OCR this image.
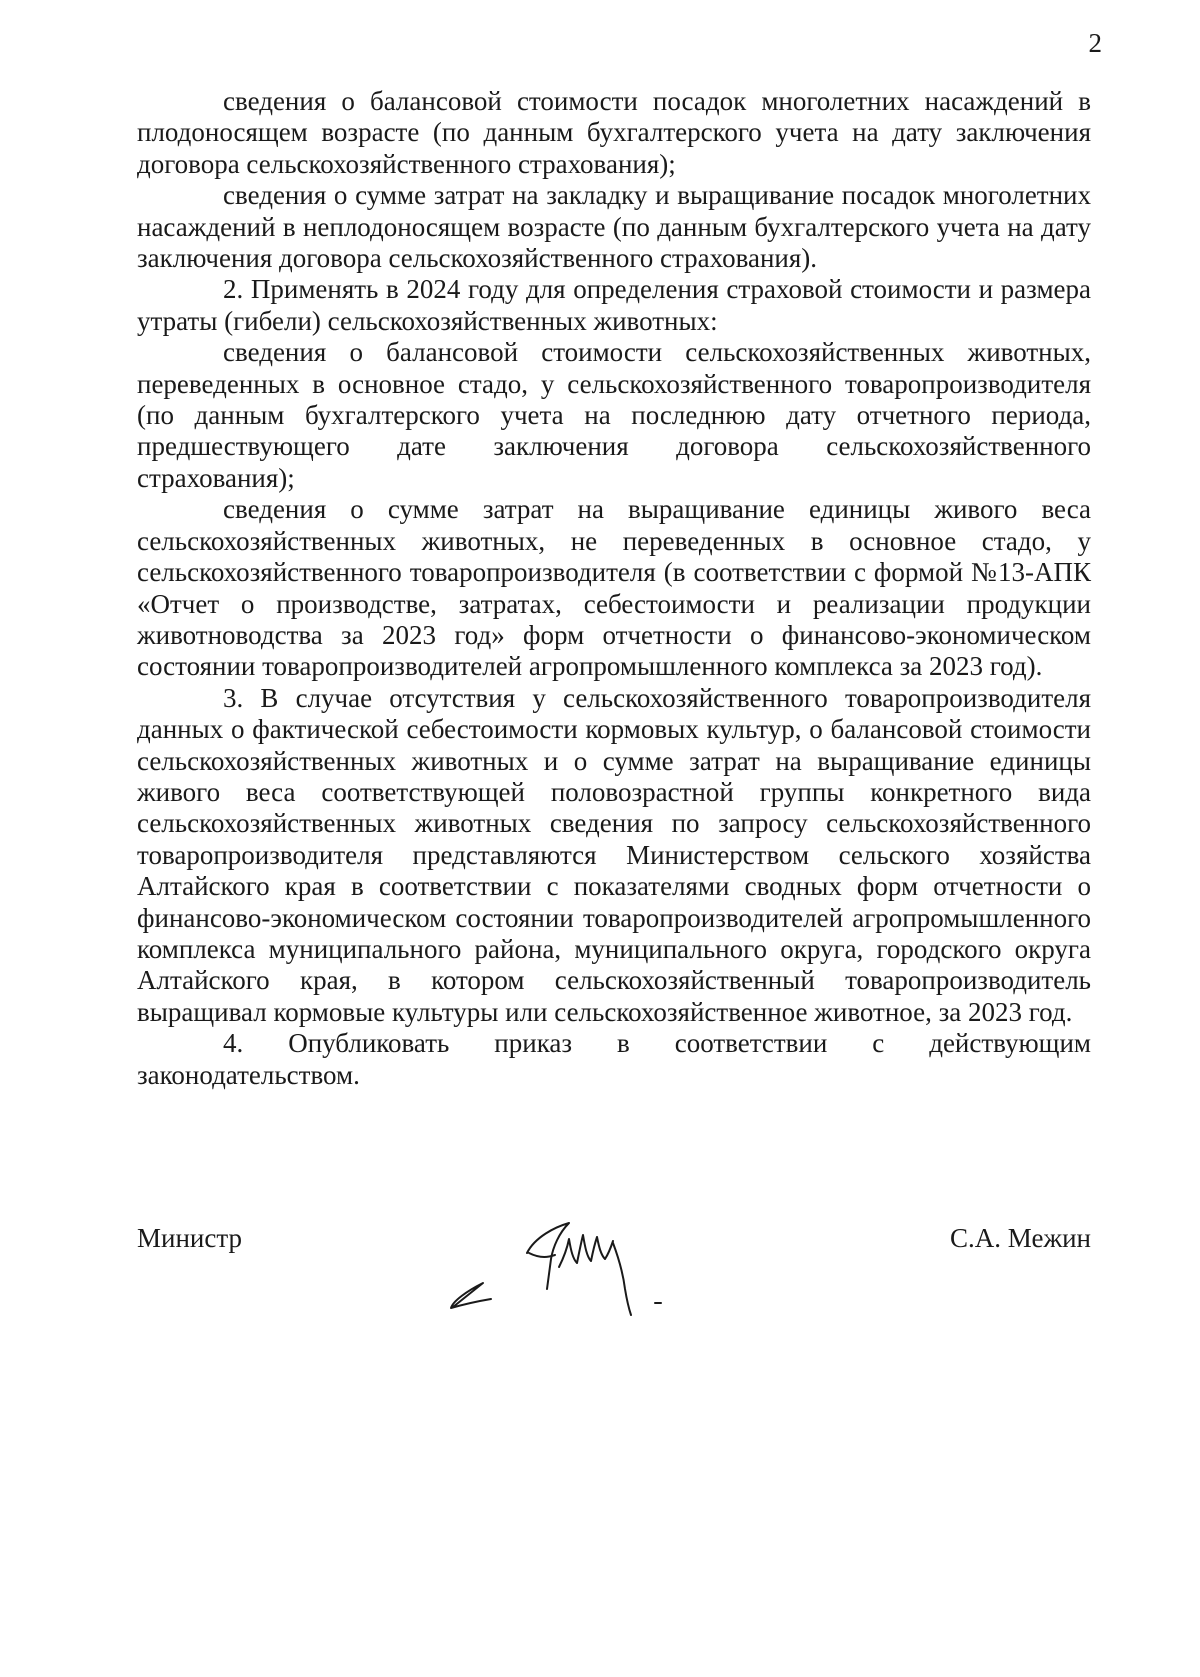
2

сведения о балансовой стоимости посадок многолетних насаждений в плодоносящем возрасте (по данным бухгалтерского учета на дату заключения договора сельскохозяйственного страхования);

сведения о сумме затрат на закладку и выращивание посадок многолетних насаждений в неплодоносящем возрасте (по данным бухгалтерского учета на дату заключения договора сельскохозяйственного страхования).

2. Применять в 2024 году для определения страховой стоимости и размера утраты (гибели) сельскохозяйственных животных:

сведения о балансовой стоимости сельскохозяйственных животных, переведенных в основное стадо, у сельскохозяйственного товаропроизводителя (по данным бухгалтерского учета на последнюю дату отчетного периода, предшествующего дате заключения договора сельскохозяйственного страхования);

сведения о сумме затрат на выращивание единицы живого веса сельскохозяйственных животных, не переведенных в основное стадо, у сельскохозяйственного товаропроизводителя (в соответствии с формой №13-АПК «Отчет о производстве, затратах, себестоимости и реализации продукции животноводства за 2023 год» форм отчетности о финансово-экономическом состоянии товаропроизводителей агропромышленного комплекса за 2023 год).

3. В случае отсутствия у сельскохозяйственного товаропроизводителя данных о фактической себестоимости кормовых культур, о балансовой стоимости сельскохозяйственных животных и о сумме затрат на выращивание единицы живого веса соответствующей половозрастной группы конкретного вида сельскохозяйственных животных сведения по запросу сельскохозяйственного товаропроизводителя представляются Министерством сельского хозяйства Алтайского края в соответствии с показателями сводных форм отчетности о финансово-экономическом состоянии товаропроизводителей агропромышленного комплекса муниципального района, муниципального округа, городского округа Алтайского края, в котором сельскохозяйственный товаропроизводитель выращивал кормовые культуры или сельскохозяйственное животное, за 2023 год.

4. Опубликовать приказ в соответствии с действующим законодательством.

Министр	С.А. Межин
